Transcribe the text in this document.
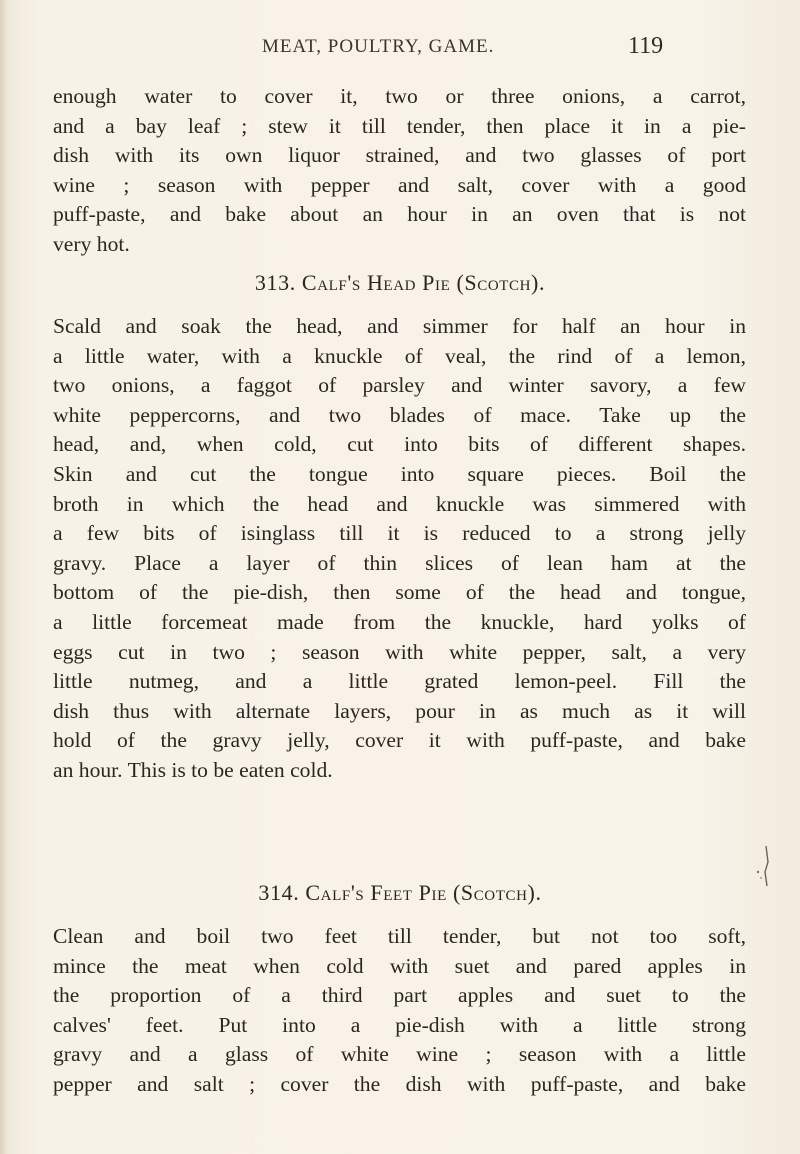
MEAT, POULTRY, GAME.	119
enough water to cover it, two or three onions, a carrot,
and a bay leaf ; stew it till tender, then place it in a pie-
dish with its own liquor strained, and two glasses of port
wine ; season with pepper and salt, cover with a good
puff-paste, and bake about an hour in an oven that is not
very hot.
313. Calf's Head Pie (Scotch).
Scald and soak the head, and simmer for half an hour in
a little water, with a knuckle of veal, the rind of a lemon,
two onions, a faggot of parsley and winter savory, a few
white peppercorns, and two blades of mace. Take up the
head, and, when cold, cut into bits of different shapes.
Skin and cut the tongue into square pieces. Boil the
broth in which the head and knuckle was simmered with
a few bits of isinglass till it is reduced to a strong jelly
gravy. Place a layer of thin slices of lean ham at the
bottom of the pie-dish, then some of the head and tongue,
a little forcemeat made from the knuckle, hard yolks of
eggs cut in two ; season with white pepper, salt, a very
little nutmeg, and a little grated lemon-peel. Fill the
dish thus with alternate layers, pour in as much as it will
hold of the gravy jelly, cover it with puff-paste, and bake
an hour. This is to be eaten cold.
314. Calf's Feet Pie (Scotch).
Clean and boil two feet till tender, but not too soft,
mince the meat when cold with suet and pared apples in
the proportion of a third part apples and suet to the
calves' feet. Put into a pie-dish with a little strong
gravy and a glass of white wine ; season with a little
pepper and salt ; cover the dish with puff-paste, and bake
